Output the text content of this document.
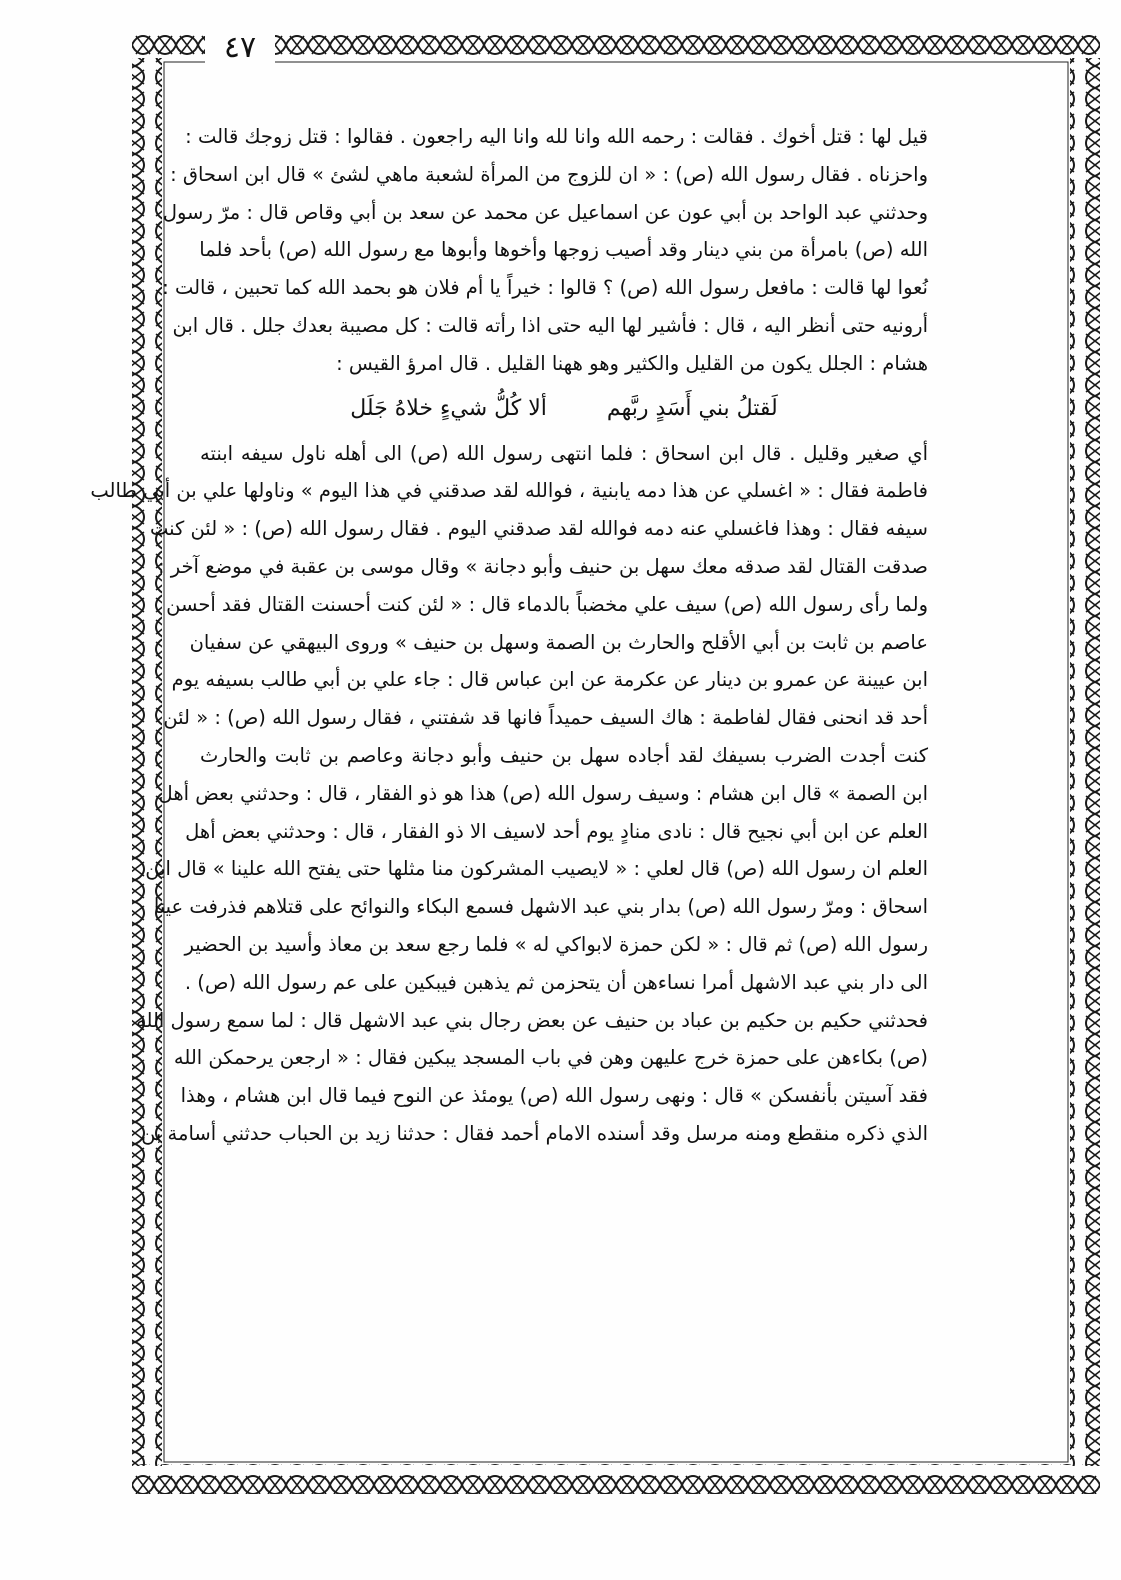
٤٧
قيل لها : قتل أخوك . فقالت : رحمه الله وانا لله وانا اليه راجعون . فقالوا : قتل زوجك قالت :
واحزناه . فقال رسول الله (ص) : « ان للزوج من المرأة لشعبة ماهي لشئ » قال ابن اسحاق :
وحدثني عبد الواحد بن أبي عون عن اسماعيل عن محمد عن سعد بن أبي وقاص قال : مرّ رسول
الله (ص) بامرأة من بني دينار وقد أصيب زوجها وأخوها وأبوها مع رسول الله (ص) بأحد فلما
نُعوا لها قالت : مافعل رسول الله (ص) ؟ قالوا : خيراً يا أم فلان هو بحمد الله كما تحبين ، قالت :
أرونيه حتى أنظر اليه ، قال : فأشير لها اليه حتى اذا رأته قالت : كل مصيبة بعدك جلل . قال ابن
هشام : الجلل يكون من القليل والكثير وهو ههنا القليل . قال امرؤ القيس :
لَقتلُ بني أَسَدٍ ربَّهم
ألا كُلُّ شيءٍ خلاهُ جَلَل
أي صغير وقليل . قال ابن اسحاق : فلما انتهى رسول الله (ص) الى أهله ناول سيفه ابنته
فاطمة فقال : « اغسلي عن هذا دمه يابنية ، فوالله لقد صدقني في هذا اليوم » وناولها علي بن أبي طالب
سيفه فقال : وهذا فاغسلي عنه دمه فوالله لقد صدقني اليوم . فقال رسول الله (ص) : « لئن كنت
صدقت القتال لقد صدقه معك سهل بن حنيف وأبو دجانة » وقال موسى بن عقبة في موضع آخر :
ولما رأى رسول الله (ص) سيف علي مخضباً بالدماء قال : « لئن كنت أحسنت القتال فقد أحسن
عاصم بن ثابت بن أبي الأقلح والحارث بن الصمة وسهل بن حنيف » وروى البيهقي عن سفيان
ابن عيينة عن عمرو بن دينار عن عكرمة عن ابن عباس قال : جاء علي بن أبي طالب بسيفه يوم
أحد قد انحنى فقال لفاطمة : هاك السيف حميداً فانها قد شفتني ، فقال رسول الله (ص) : « لئن
كنت أجدت الضرب بسيفك لقد أجاده سهل بن حنيف وأبو دجانة وعاصم بن ثابت والحارث
ابن الصمة » قال ابن هشام : وسيف رسول الله (ص) هذا هو ذو الفقار ، قال : وحدثني بعض أهل
العلم عن ابن أبي نجيح قال : نادى منادٍ يوم أحد لاسيف الا ذو الفقار ، قال : وحدثني بعض أهل
العلم ان رسول الله (ص) قال لعلي : « لايصيب المشركون منا مثلها حتى يفتح الله علينا » قال ابن
اسحاق : ومرّ رسول الله (ص) بدار بني عبد الاشهل فسمع البكاء والنوائح على قتلاهم فذرفت عينا
رسول الله (ص) ثم قال : « لكن حمزة لابواكي له » فلما رجع سعد بن معاذ وأسيد بن الحضير
الى دار بني عبد الاشهل أمرا نساءهن أن يتحزمن ثم يذهبن فيبكين على عم رسول الله (ص) .
فحدثني حكيم بن حكيم بن عباد بن حنيف عن بعض رجال بني عبد الاشهل قال : لما سمع رسول الله
(ص) بكاءهن على حمزة خرج عليهن وهن في باب المسجد يبكين فقال : « ارجعن يرحمكن الله
فقد آسيتن بأنفسكن » قال : ونهى رسول الله (ص) يومئذ عن النوح فيما قال ابن هشام ، وهذا
الذي ذكره منقطع ومنه مرسل وقد أسنده الامام أحمد فقال : حدثنا زيد بن الحباب حدثني أسامة بن
